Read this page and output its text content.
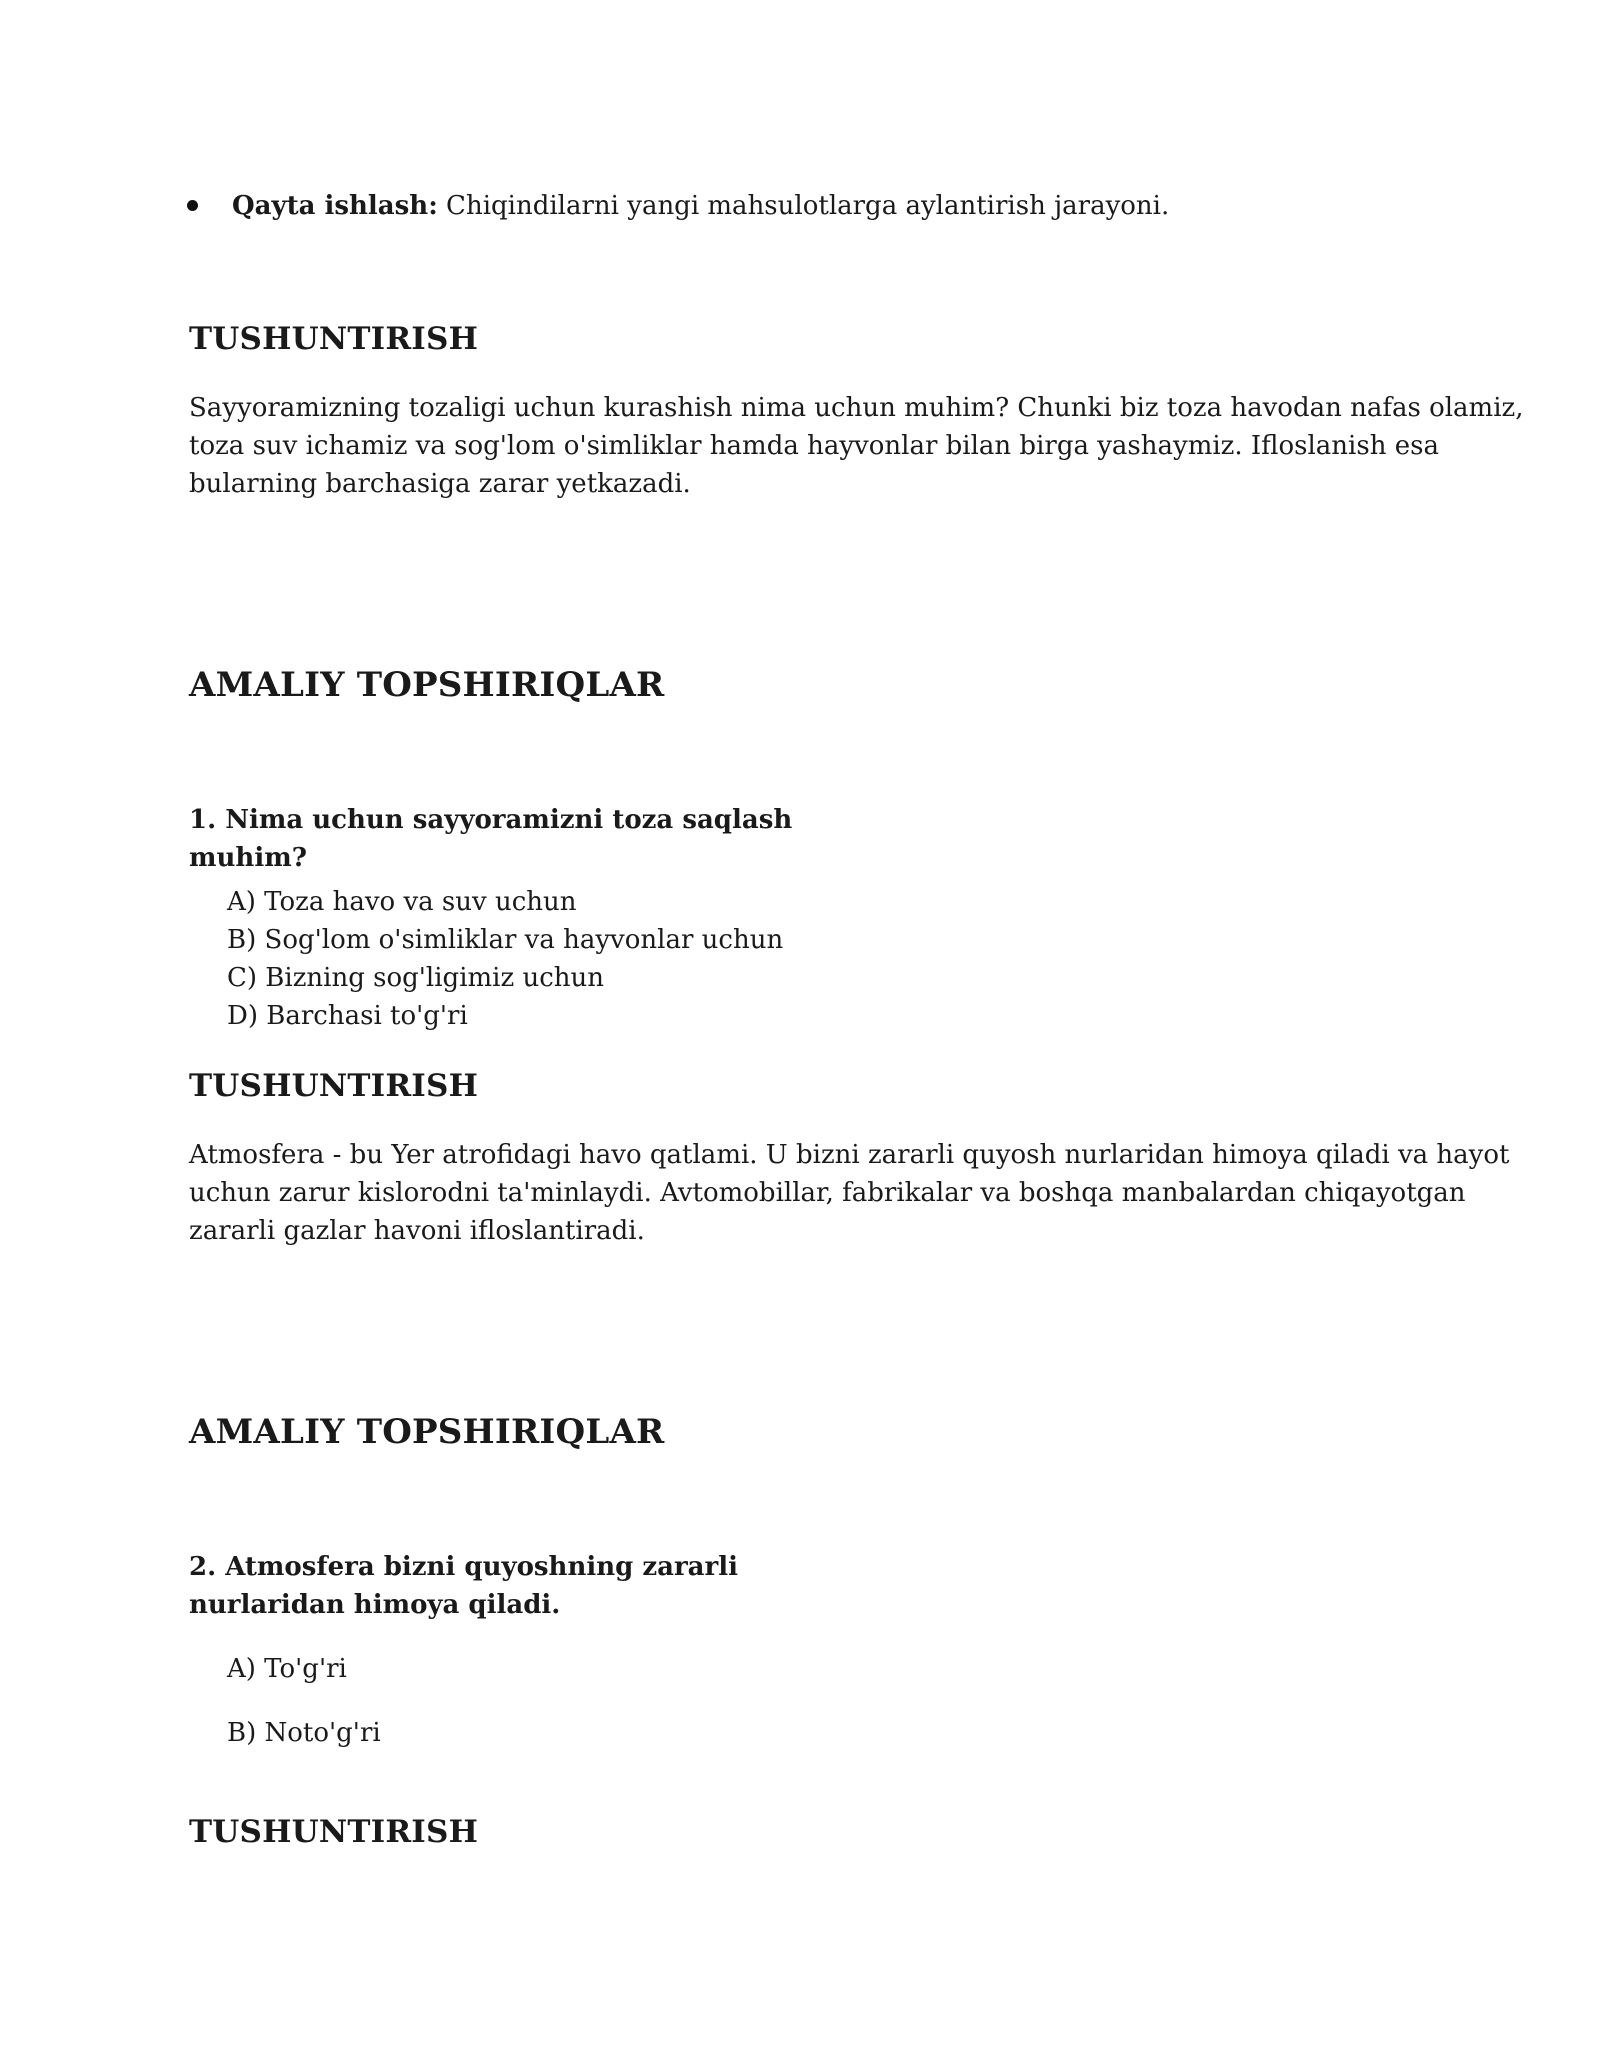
Qayta ishlash: Chiqindilarni yangi mahsulotlarga aylantirish jarayoni.

TUSHUNTIRISH
Sayyoramizning tozaligi uchun kurashish nima uchun muhim? Chunki biz toza havodan nafas olamiz,
toza suv ichamiz va sog'lom o'simliklar hamda hayvonlar bilan birga yashaymiz. Ifloslanish esa
bularning barchasiga zarar yetkazadi.
AMALIY TOPSHIRIQLAR
1. Nima uchun sayyoramizni toza saqlash
muhim?

A) Toza havo va suv uchun

B) Sog'lom o'simliklar va hayvonlar uchun

C) Bizning sog'ligimiz uchun

D) Barchasi to'g'ri

TUSHUNTIRISH
Atmosfera - bu Yer atrofidagi havo qatlami. U bizni zararli quyosh nurlaridan himoya qiladi va hayot
uchun zarur kislorodni ta'minlaydi. Avtomobillar, fabrikalar va boshqa manbalardan chiqayotgan
zararli gazlar havoni ifloslantiradi.
AMALIY TOPSHIRIQLAR
2. Atmosfera bizni quyoshning zararli
nurlaridan himoya qiladi.

A) To'g'ri

B) Noto'g'ri

TUSHUNTIRISH
